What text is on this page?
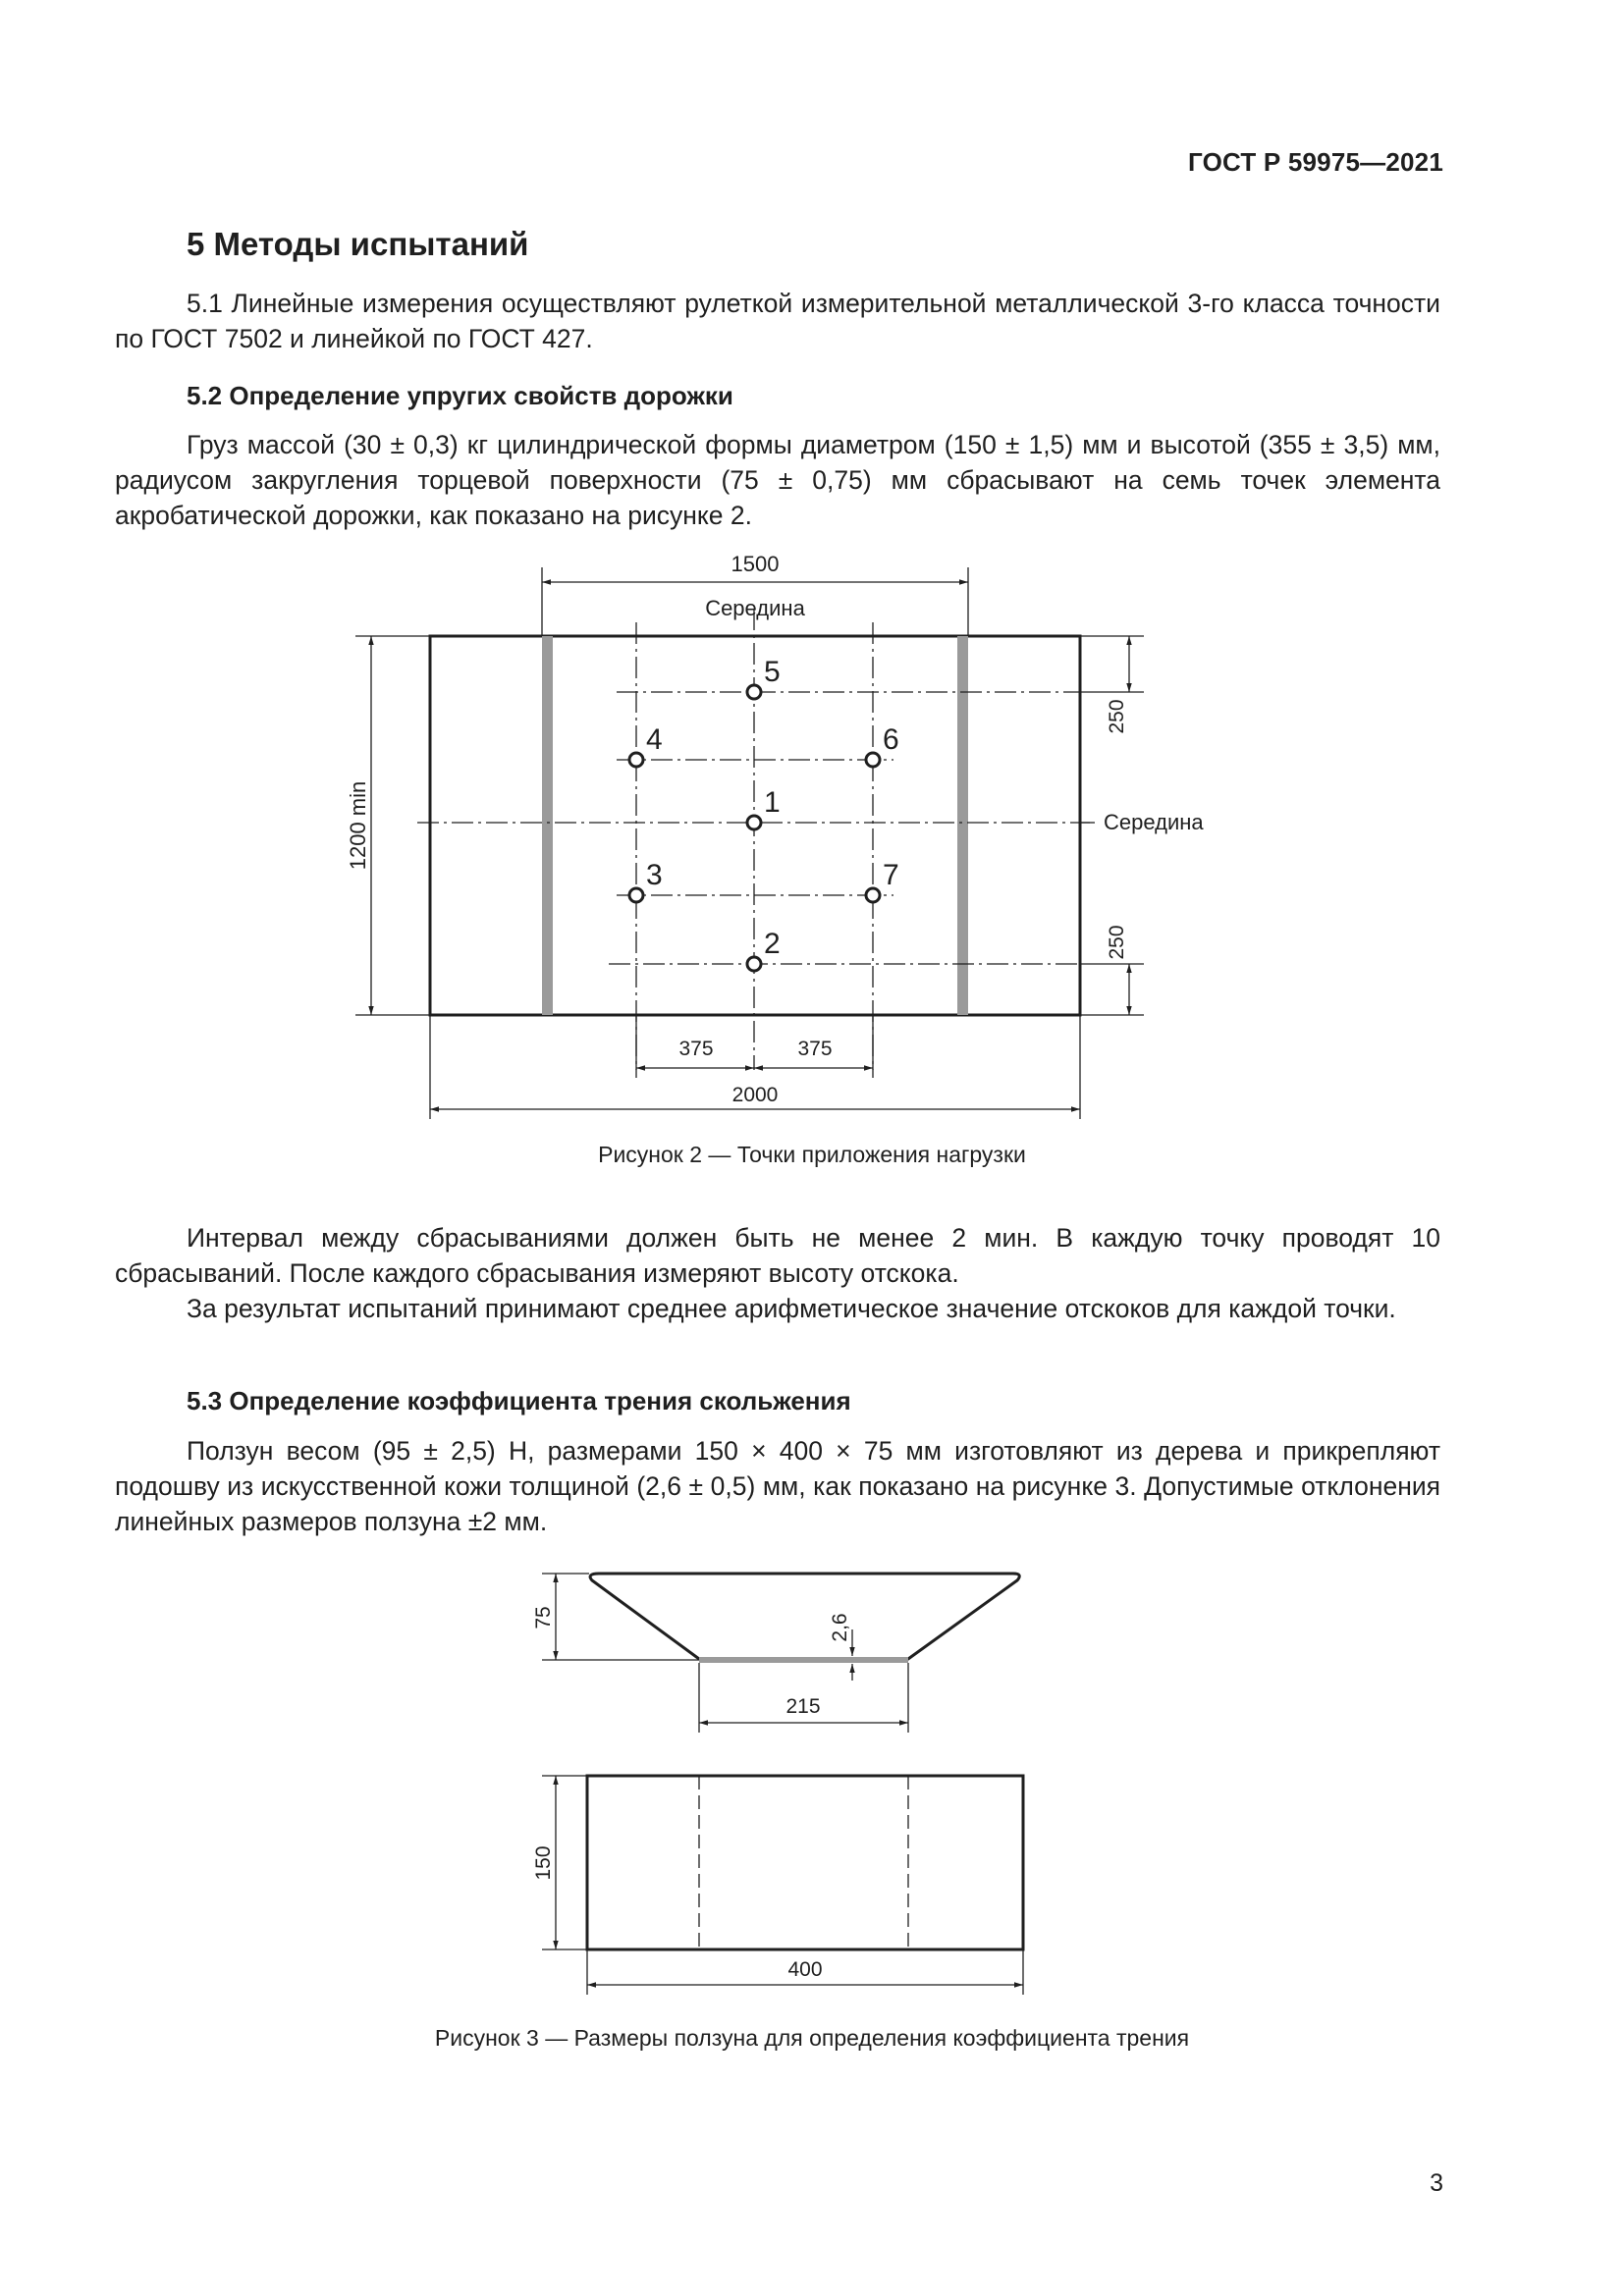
ГОСТ Р 59975—2021
5 Методы испытаний

5.1 Линейные измерения осуществляют рулеткой измерительной металлической 3-го класса точности по ГОСТ 7502 и линейкой по ГОСТ 427.

5.2 Определение упругих свойств дорожки

Груз массой (30 ± 0,3) кг цилиндрической формы диаметром (150 ± 1,5) мм и высотой (355 ± 3,5) мм, радиусом закругления торцевой поверхности (75 ± 0,75) мм сбрасывают на семь точек элемента акробатической дорожки, как показано на рисунке 2.

1500
Середина
1200 min
250
250
Середина
375	375
2000
1
2
3
4
5
6
7
Рисунок 2 — Точки приложения нагрузки

Интервал между сбрасываниями должен быть не менее 2 мин. В каждую точку проводят 10 сбрасываний. После каждого сбрасывания измеряют высоту отскока.

За результат испытаний принимают среднее арифметическое значение отскоков для каждой точки.

5.3 Определение коэффициента трения скольжения

Ползун весом (95 ± 2,5) Н, размерами 150 × 400 × 75 мм изготовляют из дерева и прикрепляют подошву из искусственной кожи толщиной (2,6 ± 0,5) мм, как показано на рисунке 3. Допустимые отклонения линейных размеров ползуна ±2 мм.

75	2,6
215
150
400
Рисунок 3 — Размеры ползуна для определения коэффициента трения
3
